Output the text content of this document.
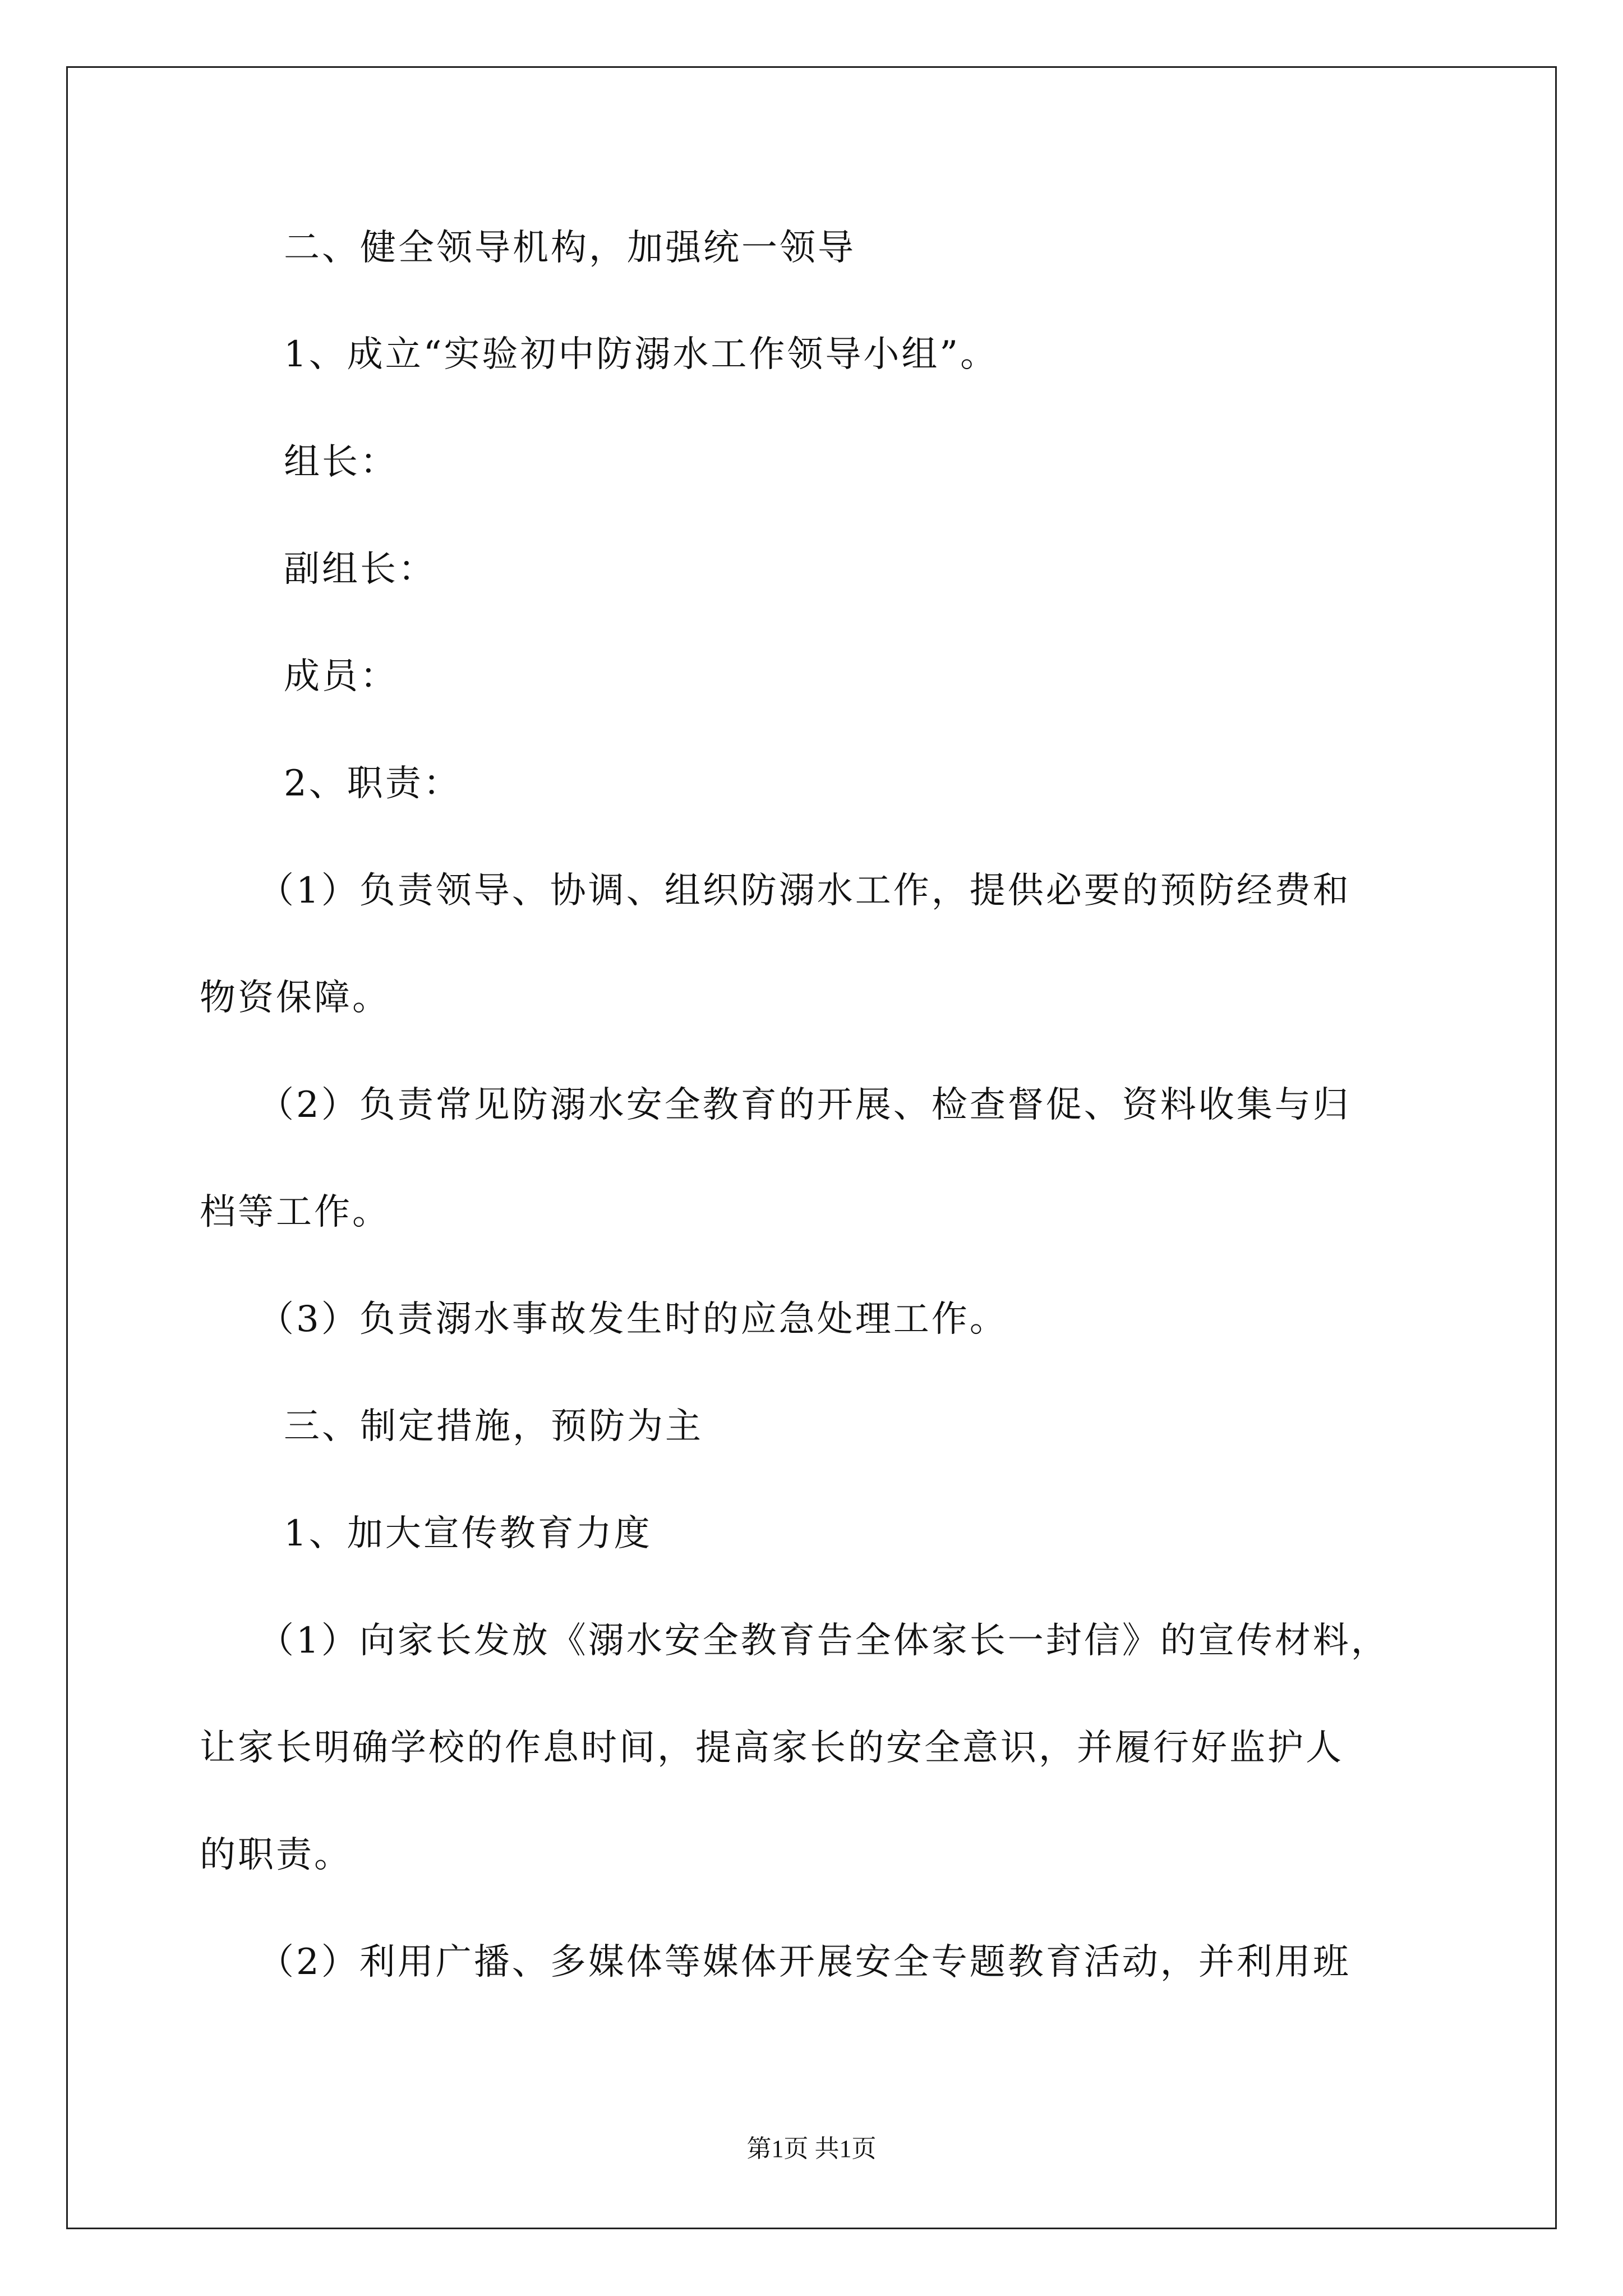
二、健全领导机构，加强统一领导
1、成立“实验初中防溺水工作领导小组”。
组长：
副组长：
成员：
2、职责：
（1）负责领导、协调、组织防溺水工作，提供必要的预防经费和
物资保障。
（2）负责常见防溺水安全教育的开展、检查督促、资料收集与归
档等工作。
（3）负责溺水事故发生时的应急处理工作。
三、制定措施，预防为主
1、加大宣传教育力度
（1）向家长发放《溺水安全教育告全体家长一封信》的宣传材料，
让家长明确学校的作息时间，提高家长的安全意识，并履行好监护人
的职责。
（2）利用广播、多媒体等媒体开展安全专题教育活动，并利用班
第1页 共1页
